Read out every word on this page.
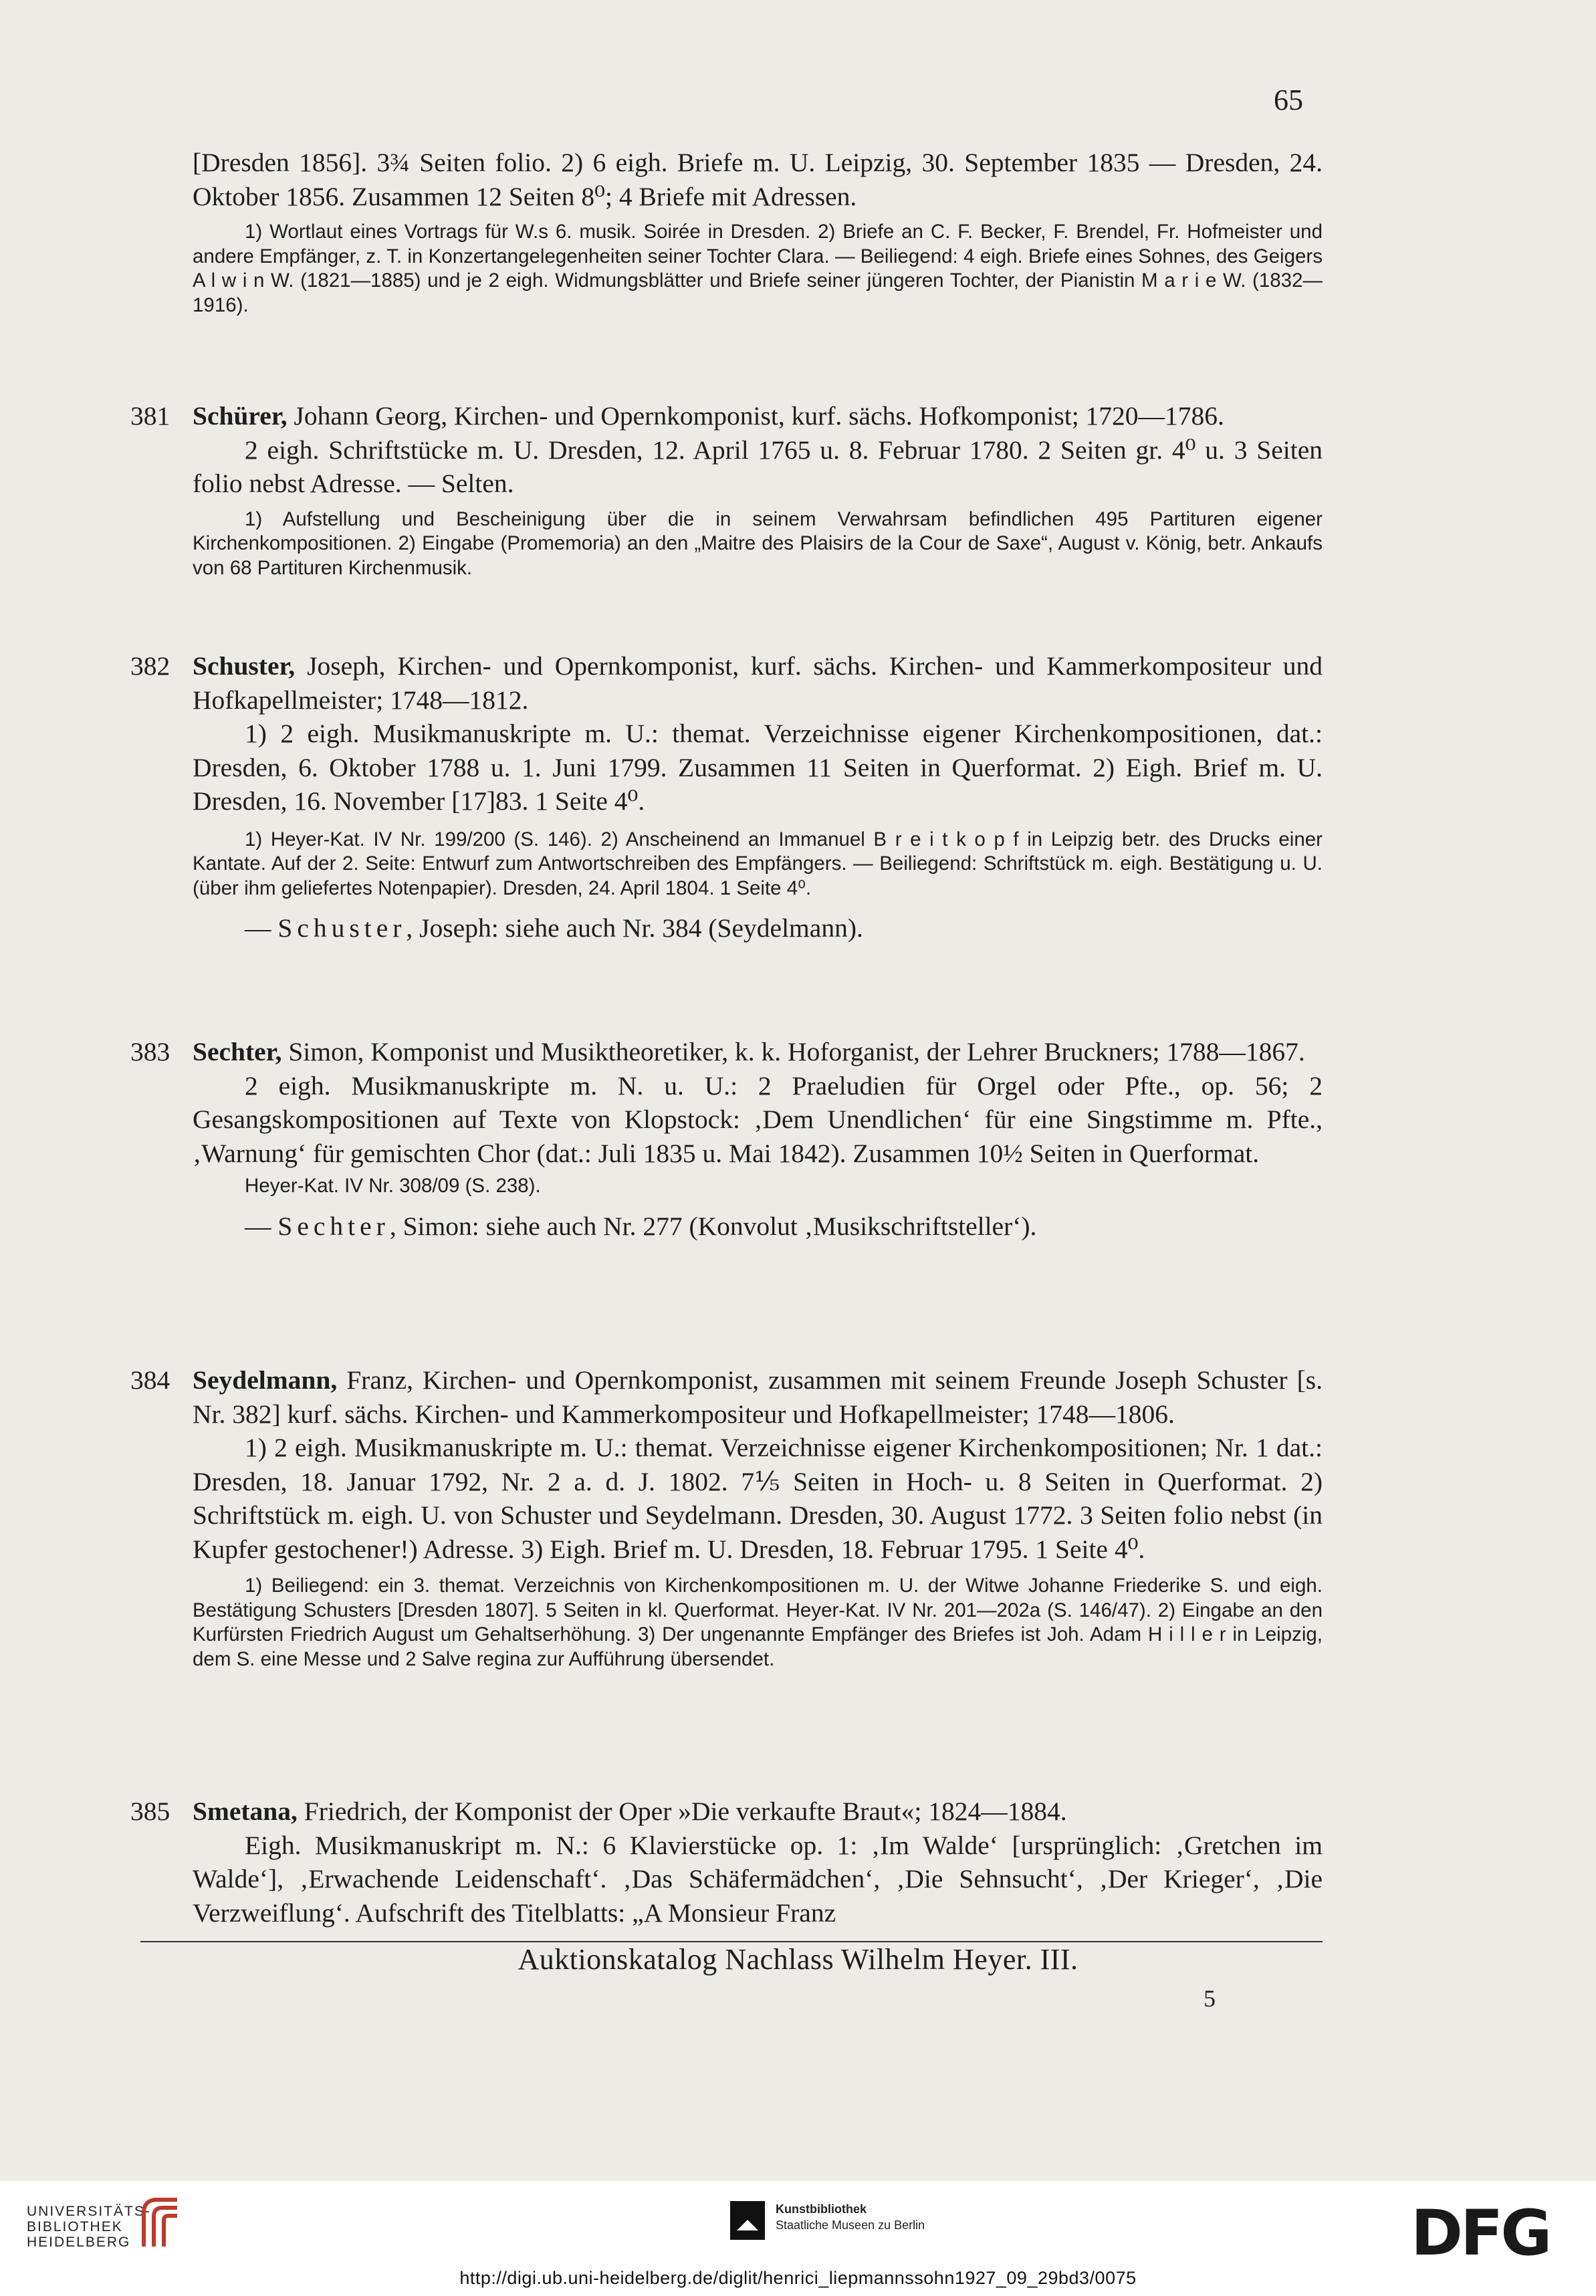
65

[Dresden 1856]. 3¾ Seiten folio. 2) 6 eigh. Briefe m. U. Leipzig, 30. September 1835 — Dresden, 24. Oktober 1856. Zusammen 12 Seiten 8⁰; 4 Briefe mit Adressen.

1) Wortlaut eines Vortrags für W.s 6. musik. Soirée in Dresden. 2) Briefe an C. F. Becker, F. Brendel, Fr. Hofmeister und andere Empfänger, z. T. in Konzertangelegenheiten seiner Tochter Clara. — Beiliegend: 4 eigh. Briefe eines Sohnes, des Geigers A l w i n W. (1821—1885) und je 2 eigh. Widmungsblätter und Briefe seiner jüngeren Tochter, der Pianistin M a r i e W. (1832—1916).

381 Schürer, Johann Georg, Kirchen- und Opernkomponist, kurf. sächs. Hofkomponist; 1720—1786.

2 eigh. Schriftstücke m. U. Dresden, 12. April 1765 u. 8. Februar 1780. 2 Seiten gr. 4⁰ u. 3 Seiten folio nebst Adresse. — Selten.

1) Aufstellung und Bescheinigung über die in seinem Verwahrsam befindlichen 495 Partituren eigener Kirchenkompositionen. 2) Eingabe (Promemoria) an den „Maitre des Plaisirs de la Cour de Saxe“, August v. König, betr. Ankaufs von 68 Partituren Kirchenmusik.

382 Schuster, Joseph, Kirchen- und Opernkomponist, kurf. sächs. Kirchen- und Kammerkompositeur und Hofkapellmeister; 1748—1812.

1) 2 eigh. Musikmanuskripte m. U.: themat. Verzeichnisse eigener Kirchenkompositionen, dat.: Dresden, 6. Oktober 1788 u. 1. Juni 1799. Zusammen 11 Seiten in Querformat. 2) Eigh. Brief m. U. Dresden, 16. November [17]83. 1 Seite 4⁰.

1) Heyer-Kat. IV Nr. 199/200 (S. 146). 2) Anscheinend an Immanuel B r e i t k o p f in Leipzig betr. des Drucks einer Kantate. Auf der 2. Seite: Entwurf zum Antwortschreiben des Empfängers. — Beiliegend: Schriftstück m. eigh. Bestätigung u. U. (über ihm geliefertes Notenpapier). Dresden, 24. April 1804. 1 Seite 4⁰.

— Schuster, Joseph: siehe auch Nr. 384 (Seydelmann).

383 Sechter, Simon, Komponist und Musiktheoretiker, k. k. Hoforganist, der Lehrer Bruckners; 1788—1867.

2 eigh. Musikmanuskripte m. N. u. U.: 2 Praeludien für Orgel oder Pfte., op. 56; 2 Gesangskompositionen auf Texte von Klopstock: ‚Dem Unendlichen‘ für eine Singstimme m. Pfte., ‚Warnung‘ für gemischten Chor (dat.: Juli 1835 u. Mai 1842). Zusammen 10½ Seiten in Querformat.

Heyer-Kat. IV Nr. 308/09 (S. 238).

— Sechter, Simon: siehe auch Nr. 277 (Konvolut ‚Musikschriftsteller‘).

384 Seydelmann, Franz, Kirchen- und Opernkomponist, zusammen mit seinem Freunde Joseph Schuster [s. Nr. 382] kurf. sächs. Kirchen- und Kammerkompositeur und Hofkapellmeister; 1748—1806.

1) 2 eigh. Musikmanuskripte m. U.: themat. Verzeichnisse eigener Kirchenkompositionen; Nr. 1 dat.: Dresden, 18. Januar 1792, Nr. 2 a. d. J. 1802. 7⅕ Seiten in Hoch- u. 8 Seiten in Querformat. 2) Schriftstück m. eigh. U. von Schuster und Seydelmann. Dresden, 30. August 1772. 3 Seiten folio nebst (in Kupfer gestochener!) Adresse. 3) Eigh. Brief m. U. Dresden, 18. Februar 1795. 1 Seite 4⁰.

1) Beiliegend: ein 3. themat. Verzeichnis von Kirchenkompositionen m. U. der Witwe Johanne Friederike S. und eigh. Bestätigung Schusters [Dresden 1807]. 5 Seiten in kl. Querformat. Heyer-Kat. IV Nr. 201—202a (S. 146/47). 2) Eingabe an den Kurfürsten Friedrich August um Gehaltserhöhung. 3) Der ungenannte Empfänger des Briefes ist Joh. Adam H i l l e r in Leipzig, dem S. eine Messe und 2 Salve regina zur Aufführung übersendet.

385 Smetana, Friedrich, der Komponist der Oper »Die verkaufte Braut«; 1824—1884.

Eigh. Musikmanuskript m. N.: 6 Klavierstücke op. 1: ‚Im Walde‘ [ursprünglich: ‚Gretchen im Walde‘], ‚Erwachende Leidenschaft‘. ‚Das Schäfermädchen‘, ‚Die Sehnsucht‘, ‚Der Krieger‘, ‚Die Verzweiflung‘. Aufschrift des Titelblatts: „A Monsieur Franz

Auktionskatalog Nachlass Wilhelm Heyer. III.
5
UNIVERSITÄTS-
BIBLIOTHEK
HEIDELBERG
Kunstbibliothek
Staatliche Museen zu Berlin	DFG
http://digi.ub.uni-heidelberg.de/diglit/henrici_liepmannssohn1927_09_29bd3/0075
